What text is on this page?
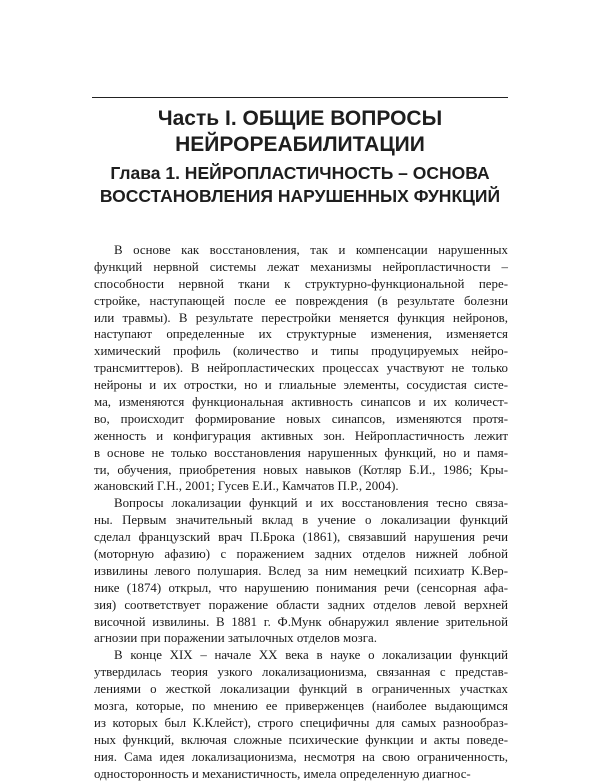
Часть I. ОБЩИЕ ВОПРОСЫ
НЕЙРОРЕАБИЛИТАЦИИ
Глава 1. НЕЙРОПЛАСТИЧНОСТЬ – ОСНОВА
ВОССТАНОВЛЕНИЯ НАРУШЕННЫХ ФУНКЦИЙ
В основе как восстановления, так и компенсации нарушенных
функций нервной системы лежат механизмы нейропластичности –
способности нервной ткани к структурно-функциональной пере-
стройке, наступающей после ее повреждения (в результате болезни
или травмы). В результате перестройки меняется функция нейронов,
наступают определенные их структурные изменения, изменяется
химический профиль (количество и типы продуцируемых нейро-
трансмиттеров). В нейропластических процессах участвуют не только
нейроны и их отростки, но и глиальные элементы, сосудистая систе-
ма, изменяются функциональная активность синапсов и их количест-
во, происходит формирование новых синапсов, изменяются протя-
женность и конфигурация активных зон. Нейропластичность лежит
в основе не только восстановления нарушенных функций, но и памя-
ти, обучения, приобретения новых навыков (Котляр Б.И., 1986; Кры-
жановский Г.Н., 2001; Гусев Е.И., Камчатов П.Р., 2004).
Вопросы локализации функций и их восстановления тесно связа-
ны. Первым значительный вклад в учение о локализации функций
сделал французский врач П.Брока (1861), связавший нарушения речи
(моторную афазию) с поражением задних отделов нижней лобной
извилины левого полушария. Вслед за ним немецкий психиатр К.Вер-
нике (1874) открыл, что нарушению понимания речи (сенсорная афа-
зия) соответствует поражение области задних отделов левой верхней
височной извилины. В 1881 г. Ф.Мунк обнаружил явление зрительной
агнозии при поражении затылочных отделов мозга.
В конце XIX – начале XX века в науке о локализации функций
утвердилась теория узкого локализационизма, связанная с предстaв-
лениями о жесткой локализации функций в ограниченных участках
мозга, которые, по мнению ее приверженцев (наиболее выдающимся
из которых был К.Клейст), строго специфичны для самых разнообраз-
ных функций, включая сложные психические функции и акты поведе-
ния. Сама идея локализационизма, несмотря на свою ограниченность,
односторонность и механистичность, имела определенную диагнос-
